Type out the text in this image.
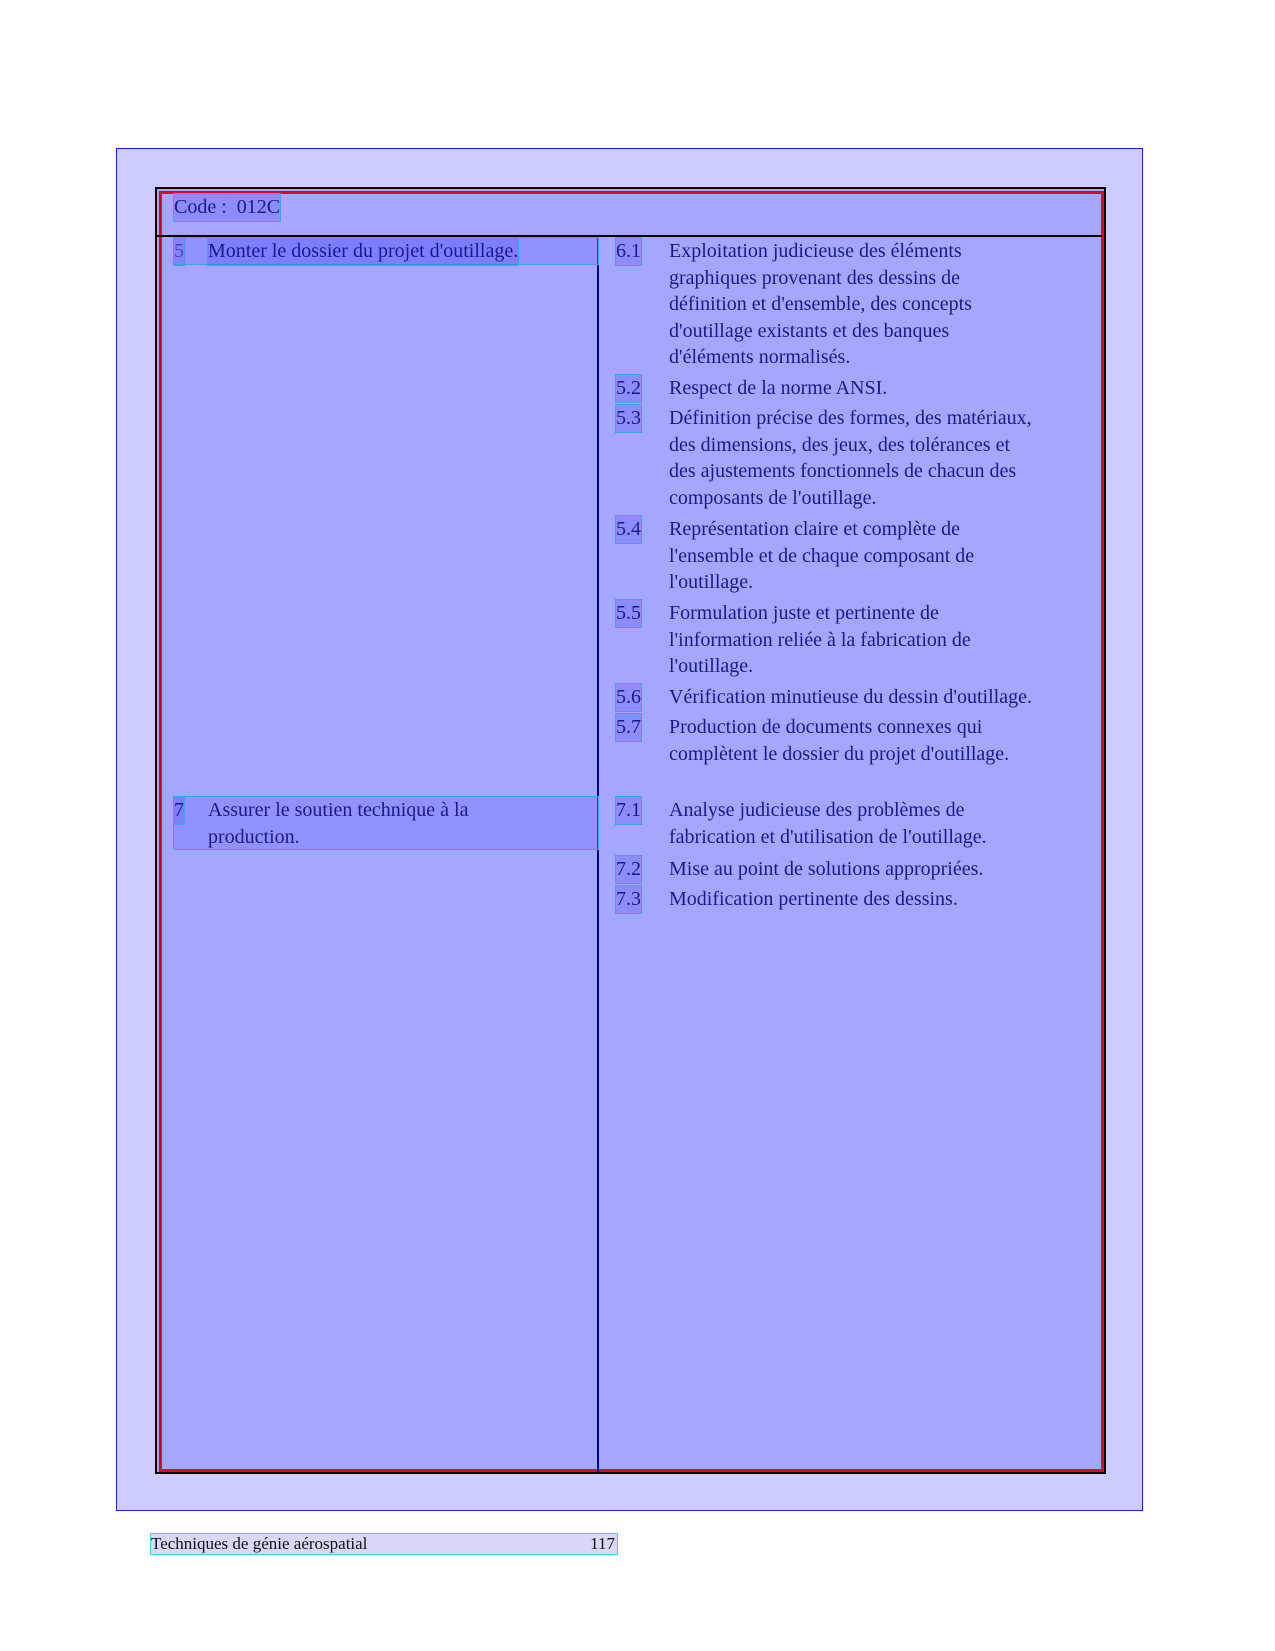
Code : 012C
5 Monter le dossier du projet d'outillage.	6.1 Exploitation judicieuse des éléments
graphiques provenant des dessins de
définition et d'ensemble, des concepts
d'outillage existants et des banques
d'éléments normalisés.
5.2 Respect de la norme ANSI.
5.3 Définition précise des formes, des matériaux,
des dimensions, des jeux, des tolérances et
des ajustements fonctionnels de chacun des
composants de l'outillage.
5.4 Représentation claire et complète de
l'ensemble et de chaque composant de
l'outillage.
5.5 Formulation juste et pertinente de
l'information reliée à la fabrication de
l'outillage.
5.6 Vérification minutieuse du dessin d'outillage.
5.7 Production de documents connexes qui
complètent le dossier du projet d'outillage.
7 Assurer le soutien technique à la
production.
7.1 Analyse judicieuse des problèmes de
fabrication et d'utilisation de l'outillage.
7.2 Mise au point de solutions appropriées.
7.3 Modification pertinente des dessins.
Techniques de génie aérospatial	117
